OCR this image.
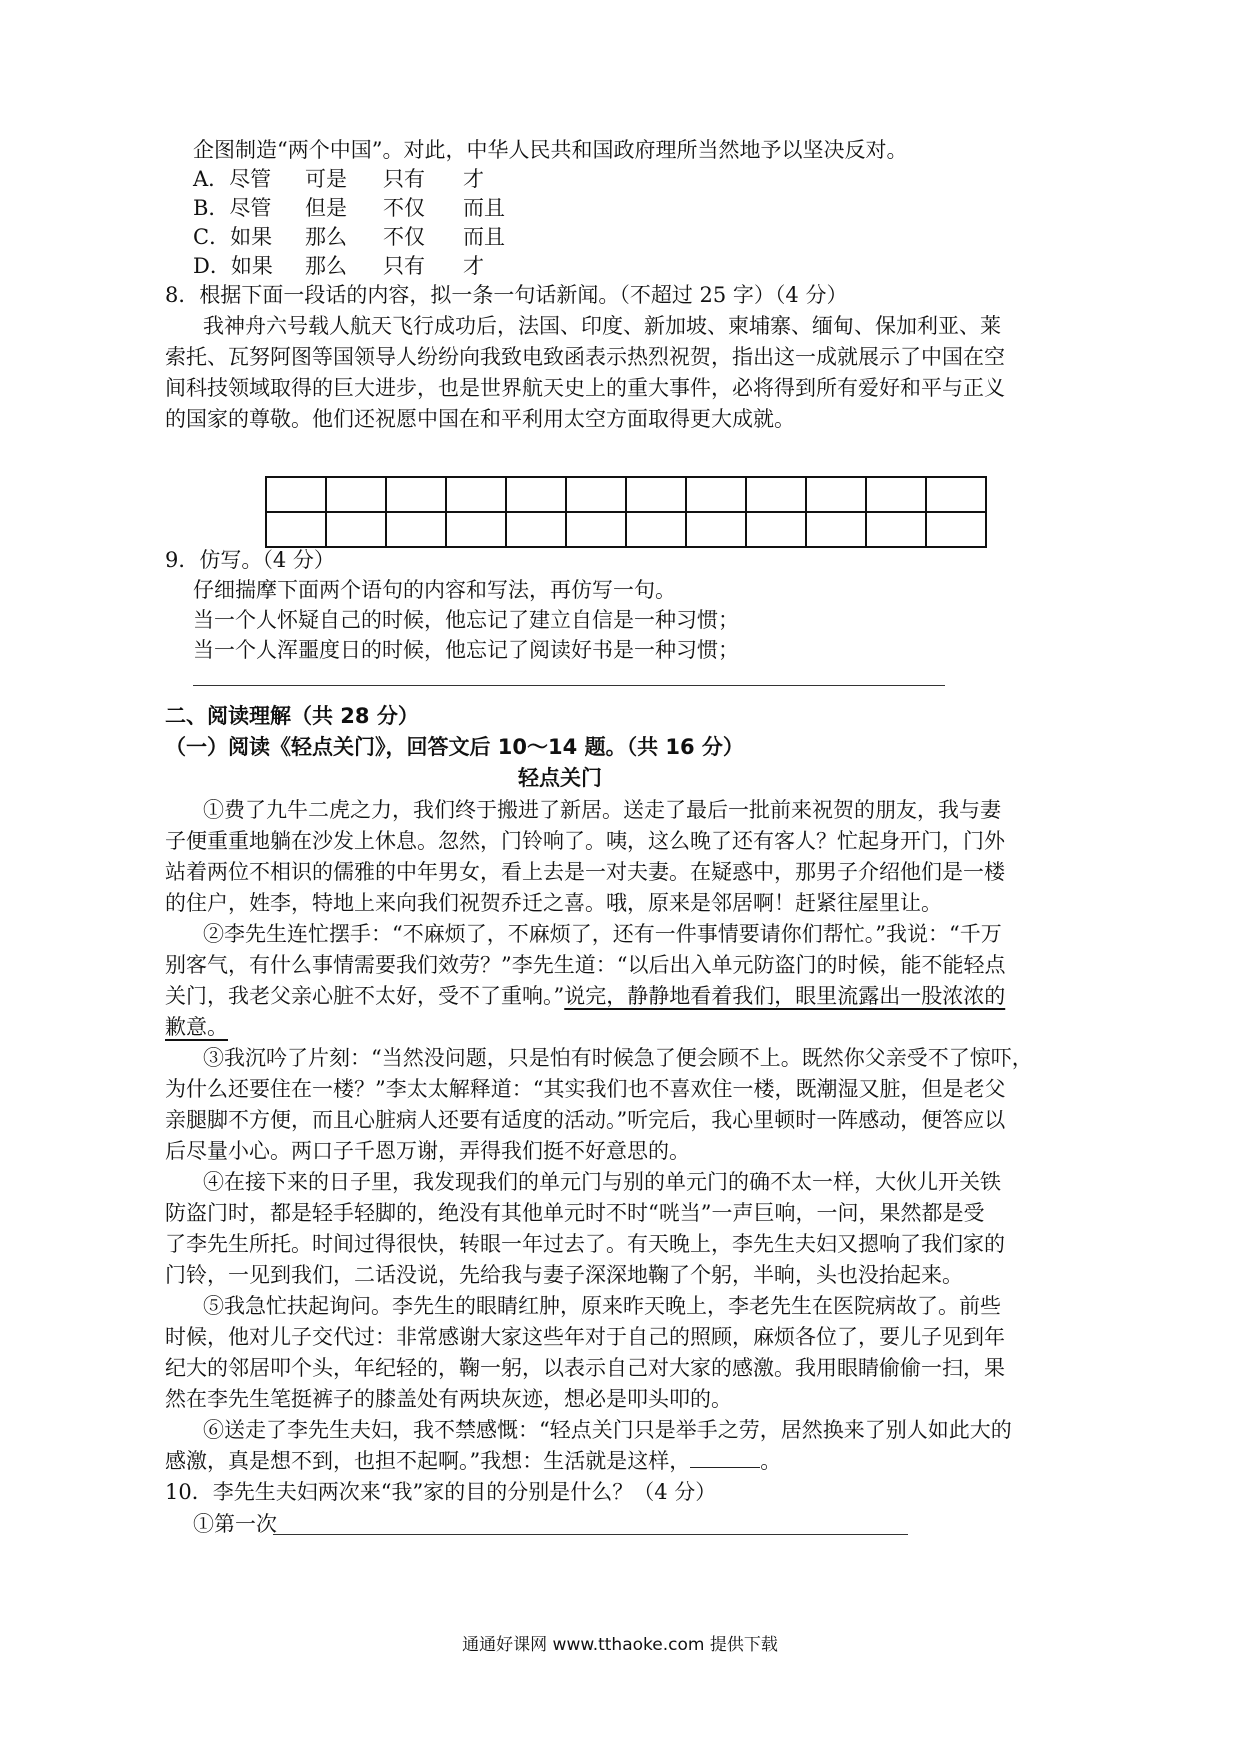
企图制造“两个中国”。对此，中华人民共和国政府理所当然地予以坚决反对。
A．尽管 可是 只有 才
B．尽管 但是 不仅 而且
C．如果 那么 不仅 而且
D．如果 那么 只有 才
8．根据下面一段话的内容，拟一条一句话新闻。（不超过 25 字）（4 分）
我神舟六号载人航天飞行成功后，法国、印度、新加坡、柬埔寨、缅甸、保加利亚、莱
索托、瓦努阿图等国领导人纷纷向我致电致函表示热烈祝贺，指出这一成就展示了中国在空
间科技领域取得的巨大进步，也是世界航天史上的重大事件，必将得到所有爱好和平与正义
的国家的尊敬。他们还祝愿中国在和平利用太空方面取得更大成就。

9．仿写。（4 分）
仔细揣摩下面两个语句的内容和写法，再仿写一句。
当一个人怀疑自己的时候，他忘记了建立自信是一种习惯；
当一个人浑噩度日的时候，他忘记了阅读好书是一种习惯；
二、阅读理解（共 28 分）
（一）阅读《轻点关门》，回答文后 10～14 题。（共 16 分）
轻点关门
①费了九牛二虎之力，我们终于搬进了新居。送走了最后一批前来祝贺的朋友，我与妻
子便重重地躺在沙发上休息。忽然，门铃响了。咦，这么晚了还有客人？忙起身开门，门外
站着两位不相识的儒雅的中年男女，看上去是一对夫妻。在疑惑中，那男子介绍他们是一楼
的住户，姓李，特地上来向我们祝贺乔迁之喜。哦，原来是邻居啊！赶紧往屋里让。
②李先生连忙摆手：“不麻烦了，不麻烦了，还有一件事情要请你们帮忙。”我说：“千万
别客气，有什么事情需要我们效劳？”李先生道：“以后出入单元防盗门的时候，能不能轻点
关门，我老父亲心脏不太好，受不了重响。”说完，静静地看着我们，眼里流露出一股浓浓的
歉意。
③我沉吟了片刻：“当然没问题，只是怕有时候急了便会顾不上。既然你父亲受不了惊吓，
为什么还要住在一楼？”李太太解释道：“其实我们也不喜欢住一楼，既潮湿又脏，但是老父
亲腿脚不方便，而且心脏病人还要有适度的活动。”听完后，我心里顿时一阵感动，便答应以
后尽量小心。两口子千恩万谢，弄得我们挺不好意思的。
④在接下来的日子里，我发现我们的单元门与别的单元门的确不太一样，大伙儿开关铁
防盗门时，都是轻手轻脚的，绝没有其他单元时不时“咣当”一声巨响，一问，果然都是受
了李先生所托。时间过得很快，转眼一年过去了。有天晚上，李先生夫妇又摁响了我们家的
门铃，一见到我们，二话没说，先给我与妻子深深地鞠了个躬，半晌，头也没抬起来。
⑤我急忙扶起询问。李先生的眼睛红肿，原来昨天晚上，李老先生在医院病故了。前些
时候，他对儿子交代过：非常感谢大家这些年对于自己的照顾，麻烦各位了，要儿子见到年
纪大的邻居叩个头，年纪轻的，鞠一躬，以表示自己对大家的感激。我用眼睛偷偷一扫，果
然在李先生笔挺裤子的膝盖处有两块灰迹，想必是叩头叩的。
⑥送走了李先生夫妇，我不禁感慨：“轻点关门只是举手之劳，居然换来了别人如此大的
感激，真是想不到，也担不起啊。”我想：生活就是这样，	。
10．李先生夫妇两次来“我”家的目的分别是什么？（4 分）
①第一次
通通好课网 www.tthaoke.com 提供下载
